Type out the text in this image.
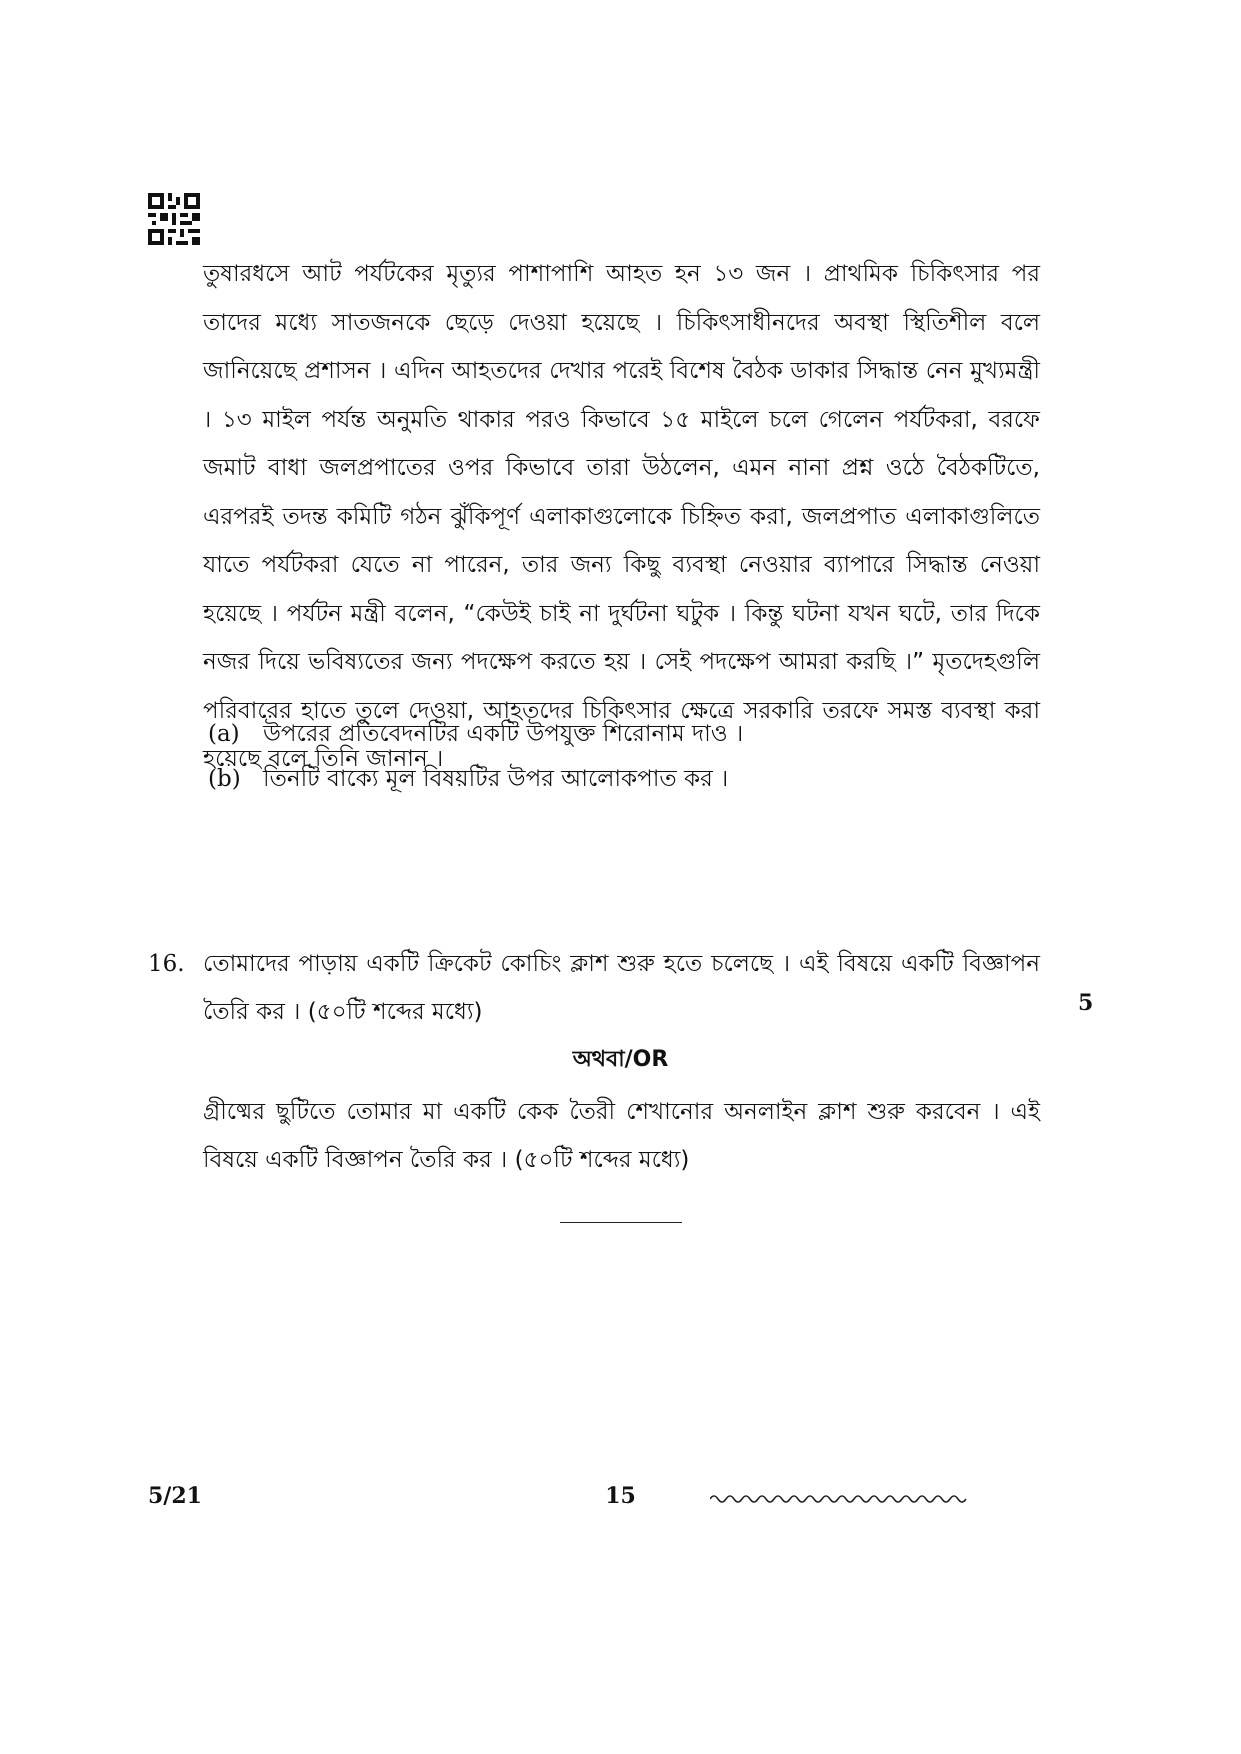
তুষারধসে আট পর্যটকের মৃত্যুর পাশাপাশি আহত হন ১৩ জন । প্রাথমিক চিকিৎসার পর তাদের মধ্যে সাতজনকে ছেড়ে দেওয়া হয়েছে । চিকিৎসাধীনদের অবস্থা স্থিতিশীল বলে জানিয়েছে প্রশাসন । এদিন আহতদের দেখার পরেই বিশেষ বৈঠক ডাকার সিদ্ধান্ত নেন মুখ্যমন্ত্রী । ১৩ মাইল পর্যন্ত অনুমতি থাকার পরও কিভাবে ১৫ মাইলে চলে গেলেন পর্যটকরা, বরফে জমাট বাধা জলপ্রপাতের ওপর কিভাবে তারা উঠলেন, এমন নানা প্রশ্ন ওঠে বৈঠকটিতে, এরপরই তদন্ত কমিটি গঠন ঝুঁকিপূর্ণ এলাকাগুলোকে চিহ্নিত করা, জলপ্রপাত এলাকাগুলিতে যাতে পর্যটকরা যেতে না পারেন, তার জন্য কিছু ব্যবস্থা নেওয়ার ব্যাপারে সিদ্ধান্ত নেওয়া হয়েছে । পর্যটন মন্ত্রী বলেন, “কেউই চাই না দুর্ঘটনা ঘটুক । কিন্তু ঘটনা যখন ঘটে, তার দিকে নজর দিয়ে ভবিষ্যতের জন্য পদক্ষেপ করতে হয় । সেই পদক্ষেপ আমরা করছি ।” মৃতদেহগুলি পরিবারের হাতে তুলে দেওয়া, আহতদের চিকিৎসার ক্ষেত্রে সরকারি তরফে সমস্ত ব্যবস্থা করা হয়েছে বলে তিনি জানান ।

(a) উপরের প্রতিবেদনটির একটি উপযুক্ত শিরোনাম দাও ।
(b) তিনটি বাক্যে মূল বিষয়টির উপর আলোকপাত কর ।
16. তোমাদের পাড়ায় একটি ক্রিকেট কোচিং ক্লাশ শুরু হতে চলেছে । এই বিষয়ে একটি বিজ্ঞাপন তৈরি কর । (৫০টি শব্দের মধ্যে)	5
অথবা/OR
গ্রীষ্মের ছুটিতে তোমার মা একটি কেক তৈরী শেখানোর অনলাইন ক্লাশ শুরু করবেন । এই বিষয়ে একটি বিজ্ঞাপন তৈরি কর । (৫০টি শব্দের মধ্যে)
5/21	15
